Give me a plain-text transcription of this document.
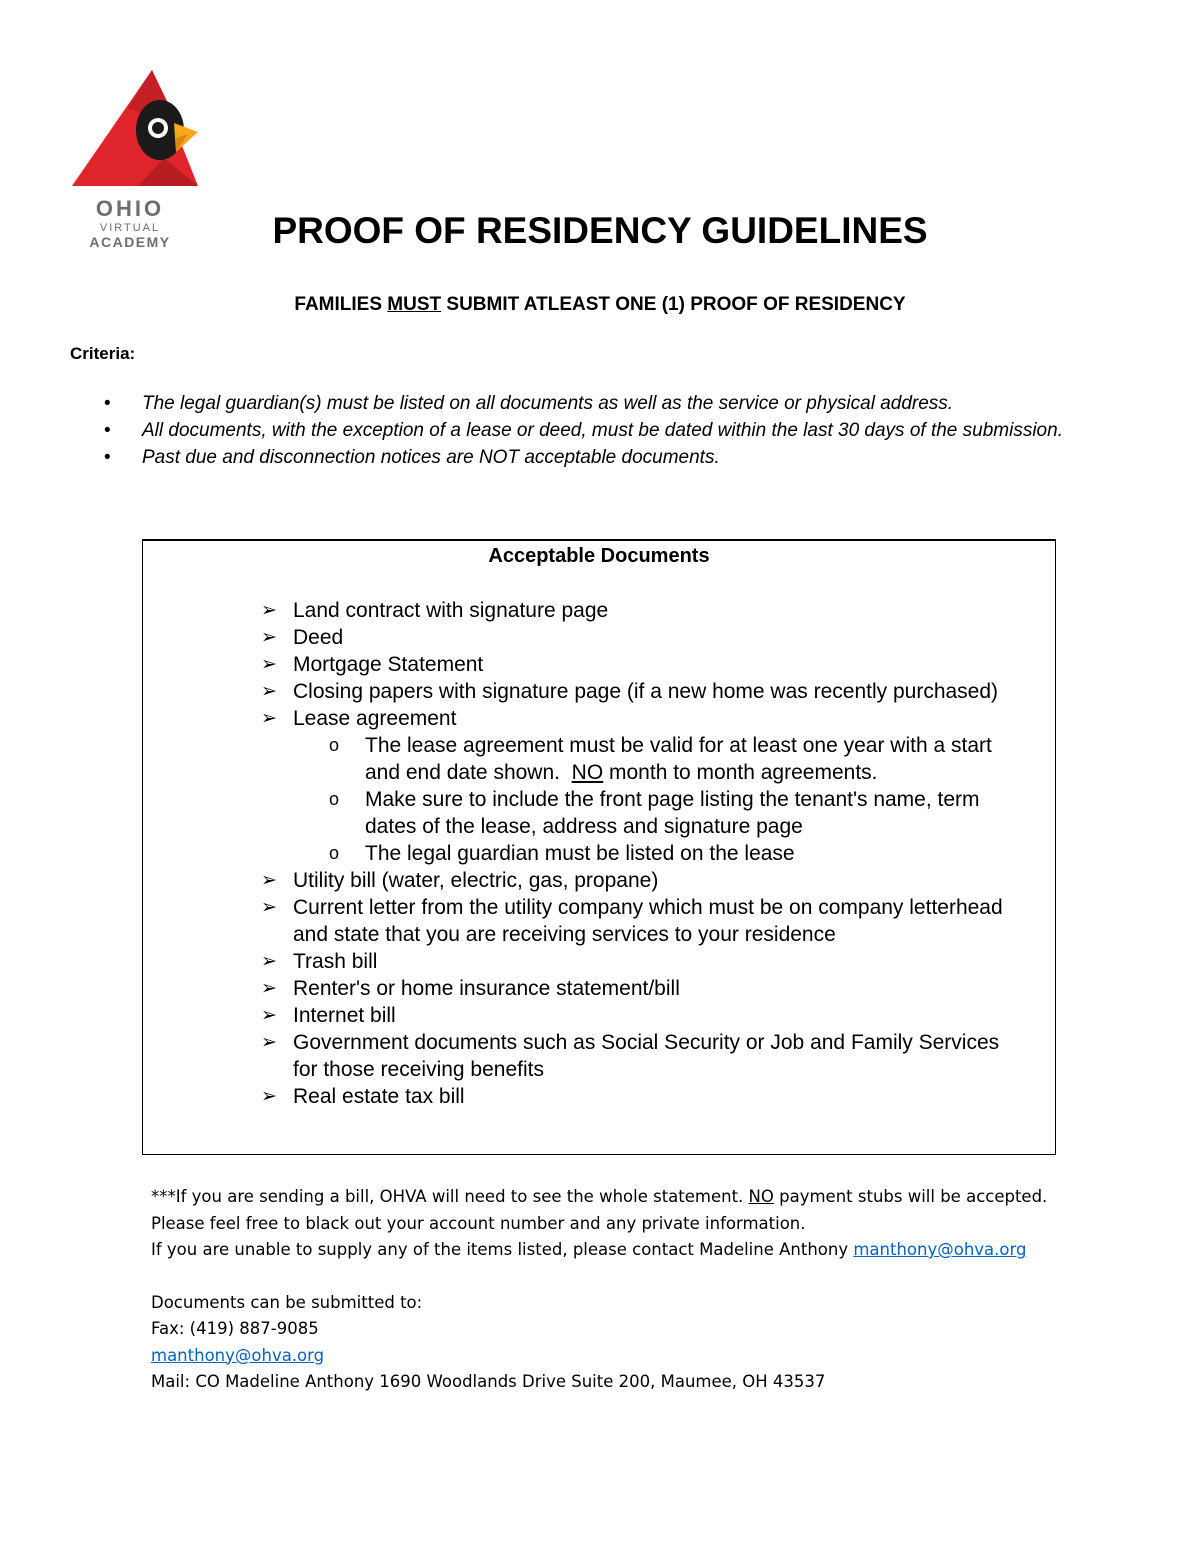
OHIO
VIRTUAL
ACADEMY	PROOF OF RESIDENCY GUIDELINES
FAMILIES MUST SUBMIT ATLEAST ONE (1) PROOF OF RESIDENCY
Criteria:
• The legal guardian(s) must be listed on all documents as well as the service or physical address.
• All documents, with the exception of a lease or deed, must be dated within the last 30 days of the submission.
• Past due and disconnection notices are NOT acceptable documents.
Acceptable Documents
➢ Land contract with signature page
➢ Deed
➢ Mortgage Statement
➢ Closing papers with signature page (if a new home was recently purchased)
➢ Lease agreement
o The lease agreement must be valid for at least one year with a start and end date shown.  NO month to month agreements.
o Make sure to include the front page listing the tenant's name, term dates of the lease, address and signature page
o The legal guardian must be listed on the lease
➢ Utility bill (water, electric, gas, propane)
➢ Current letter from the utility company which must be on company letterhead and state that you are receiving services to your residence
➢ Trash bill
➢ Renter's or home insurance statement/bill
➢ Internet bill
➢ Government documents such as Social Security or Job and Family Services for those receiving benefits
➢ Real estate tax bill

***If you are sending a bill, OHVA will need to see the whole statement. NO payment stubs will be accepted.

Please feel free to black out your account number and any private information.

If you are unable to supply any of the items listed, please contact Madeline Anthony manthony@ohva.org

Documents can be submitted to:

Fax: (419) 887-9085

manthony@ohva.org

Mail: CO Madeline Anthony 1690 Woodlands Drive Suite 200, Maumee, OH 43537
